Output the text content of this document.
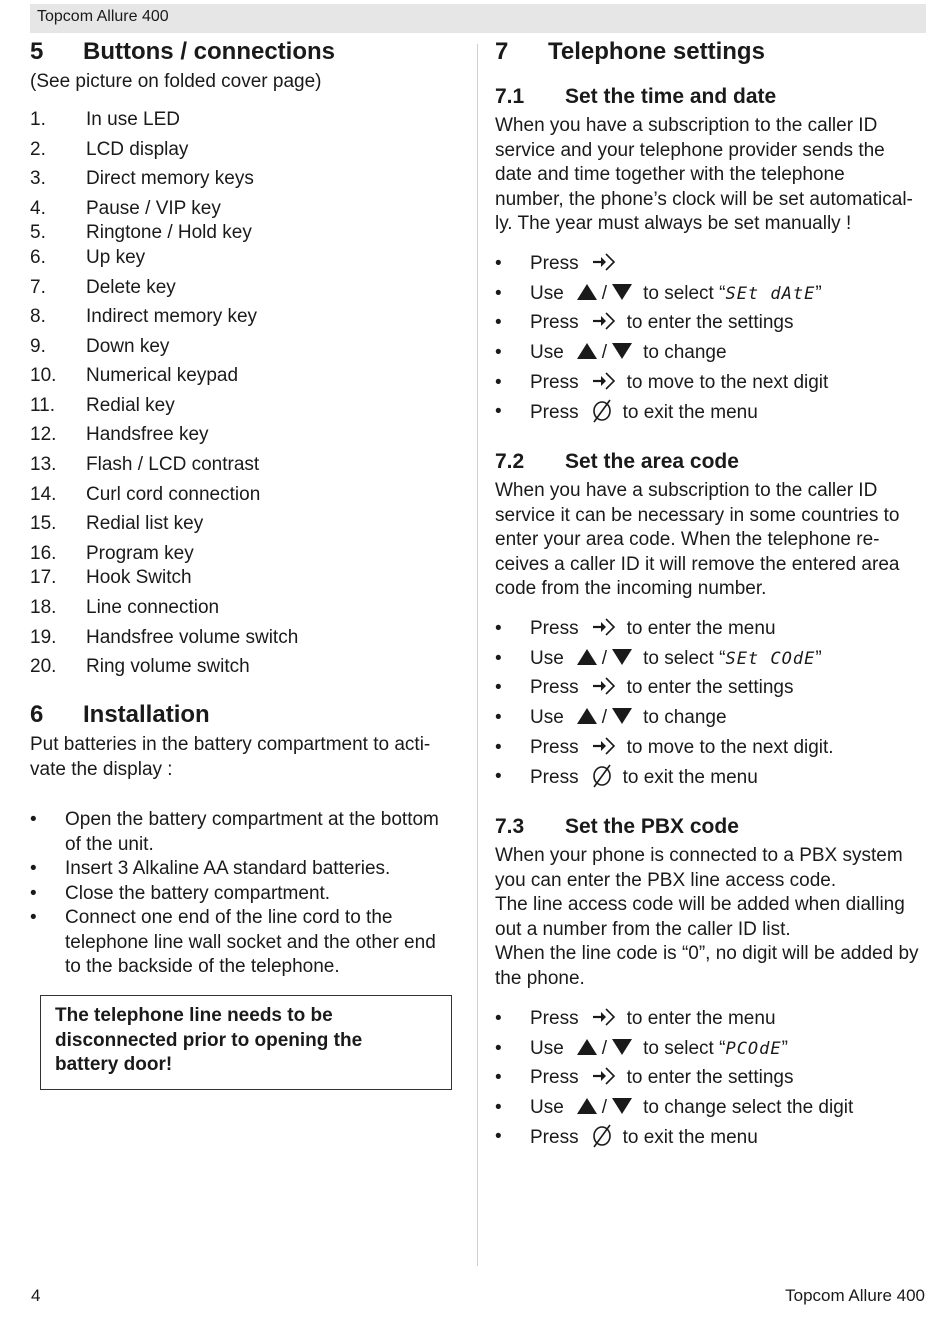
Topcom Allure 400
5 Buttons / connections
(See picture on folded cover page)
1. In use LED
2. LCD display
3. Direct memory keys
4. Pause / VIP key
5. Ringtone / Hold key
6. Up key
7. Delete key
8. Indirect memory key
9. Down key
10. Numerical keypad
11. Redial key
12. Handsfree key
13. Flash / LCD contrast
14. Curl cord connection
15. Redial list key
16. Program key
17. Hook Switch
18. Line connection
19. Handsfree volume switch
20. Ring volume switch
6 Installation
Put batteries in the battery compartment to acti-
vate the display :
• Open the battery compartment at the bottom
of the unit.
• Insert 3 Alkaline AA standard batteries.
• Close the battery compartment.
• Connect one end of the line cord to the
telephone line wall socket and the other end
to the backside of the telephone.
The telephone line needs to be
disconnected prior to opening the
battery door!
7 Telephone settings
7.1 Set the time and date
When you have a subscription to the caller ID
service and your telephone provider sends the
date and time together with the telephone
number, the phone’s clock will be set automatical-
ly. The year must always be set manually !
• Press
• Use / to select “ SEt dAtE ”
• Press	to enter the settings
• Use / to change
• Press	to move to the next digit
• Press to exit the menu
7.2 Set the area code
When you have a subscription to the caller ID
service it can be necessary in some countries to
enter your area code. When the telephone re-
ceives a caller ID it will remove the entered area
code from the incoming number.
• Press	to enter the menu
• Use / to select “ SEt COdE ”
• Press	to enter the settings
• Use / to change
• Press	to move to the next digit.
• Press to exit the menu
7.3 Set the PBX code
When your phone is connected to a PBX system
you can enter the PBX line access code.
The line access code will be added when dialling
out a number from the caller ID list.
When the line code is “0”, no digit will be added by
the phone.
• Press	to enter the menu
• Use / to select “ PCOdE ”
• Press	to enter the settings
• Use / to change select the digit
• Press to exit the menu
4	Topcom Allure 400
